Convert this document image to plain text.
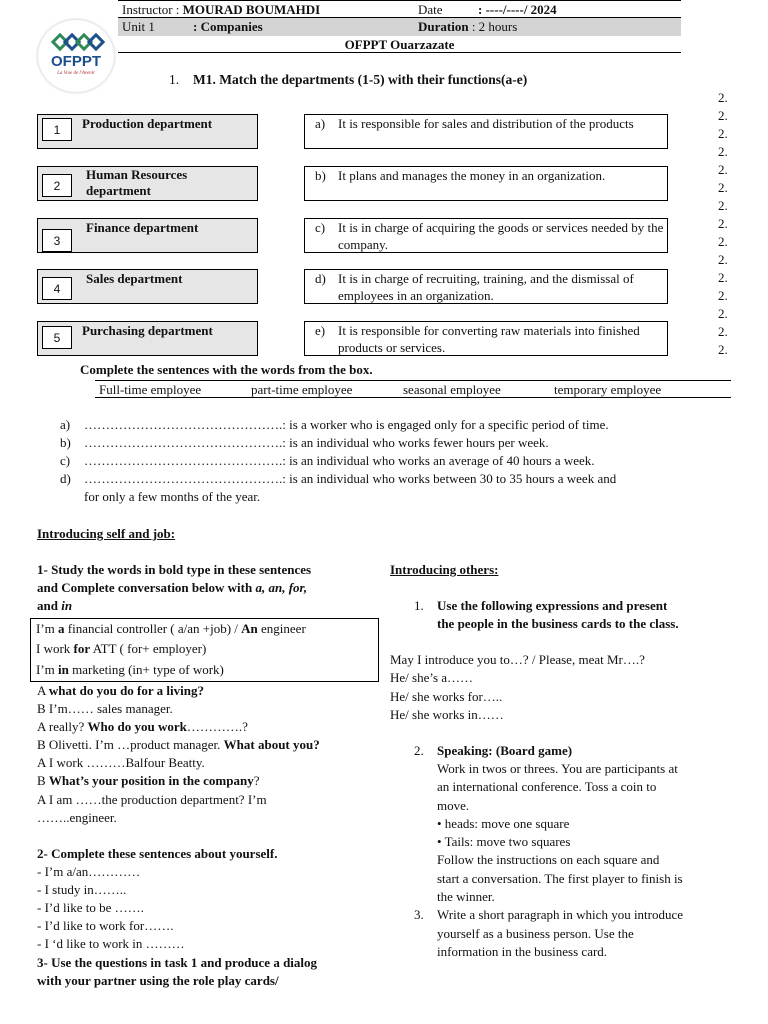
Instructor : MOURAD BOUMAHDI	Date	: ----/----/ 2024
Unit 1	: Companies	Duration : 2 hours
OFPPT Ouarzazate
OFPPT
La Voie de l'Avenir	1. M1. Match the departments (1-5) with their functions(a-e)
1	Production department
2
Human Resources department
3
Finance department
4
Sales department
5	Purchasing department
a) It is responsible for sales and distribution of the products
b) It plans and manages the money in an organization.
c) It is in charge of acquiring the goods or services needed by the company.
d) It is in charge of recruiting, training, and the dismissal of employees in an organization.
e) It is responsible for converting raw materials into finished products or services.
2.
2.
2.
2.
2.
2.
2.
2.
2.
2.
2.
2.
2.
2.
2.
Complete the sentences with the words from the box.
Full-time employee	part-time employee	seasonal employee	temporary employee
a) ……………………………………….: is a worker who is engaged only for a specific period of time.
b) ……………………………………….: is an individual who works fewer hours per week.
c) ……………………………………….: is an individual who works an average of 40 hours a week.
d) ……………………………………….: is an individual who works between 30 to 35 hours a week and
for only a few months of the year.
Introducing self and job:
1- Study the words in bold type in these sentences
and Complete conversation below with a, an, for,
and in
I’m a financial controller ( a/an +job) / An engineer
I work for ATT ( for+ employer)
I’m in marketing (in+ type of work)
A what do you do for a living?
B I’m…… sales manager.
A really? Who do you work………….?
B Olivetti. I’m …product manager. What about you?
A I work ………Balfour Beatty.
B What’s your position in the company?
A I am ……the production department? I’m
……..engineer.
2- Complete these sentences about yourself.
- I’m a/an…………
- I study in……..
- I’d like to be …….
- I’d like to work for…….
- I ‘d like to work in ………
3- Use the questions in task 1 and produce a dialog
with your partner using the role play cards/
Introducing others:
1. Use the following expressions and present
the people in the business cards to the class.
May I introduce you to…? / Please, meat Mr….?
He/ she’s a……
He/ she works for…..
He/ she works in……
2. Speaking: (Board game)
Work in twos or threes. You are participants at
an international conference. Toss a coin to
move.
• heads: move one square
• Tails: move two squares
Follow the instructions on each square and
start a conversation. The first player to finish is
the winner.
3. Write a short paragraph in which you introduce
yourself as a business person. Use the
information in the business card.
